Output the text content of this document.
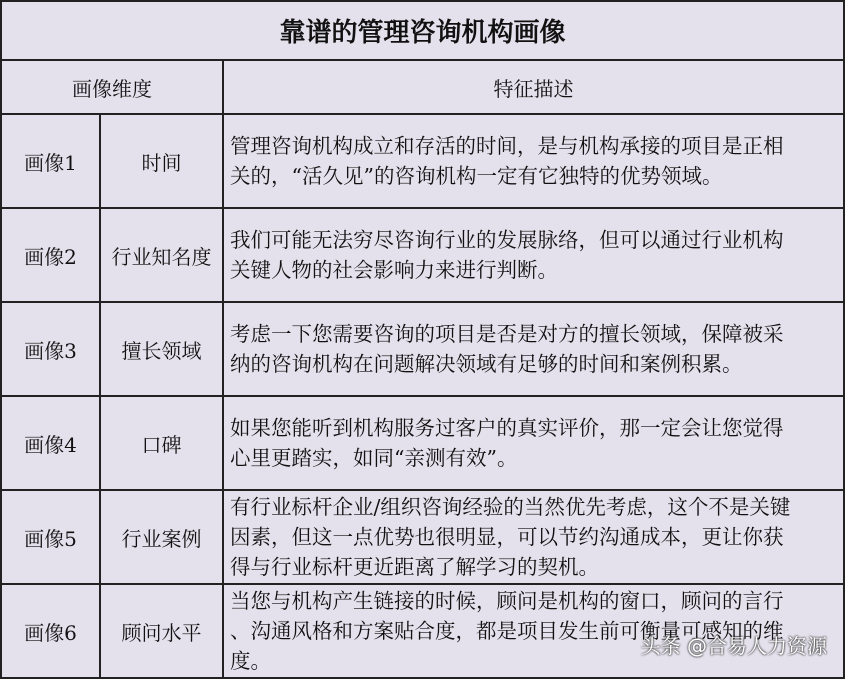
靠谱的管理咨询机构画像
画像维度	特征描述
画像1	时间
管理咨询机构成立和存活的时间，是与机构承接的项目是正相
关的，“活久见”的咨询机构一定有它独特的优势领域。
画像2	行业知名度
我们可能无法穷尽咨询行业的发展脉络，但可以通过行业机构
关键人物的社会影响力来进行判断。
画像3	擅长领域
考虑一下您需要咨询的项目是否是对方的擅长领域，保障被采
纳的咨询机构在问题解决领域有足够的时间和案例积累。
画像4	口碑
如果您能听到机构服务过客户的真实评价，那一定会让您觉得
心里更踏实，如同“亲测有效”。
画像5	行业案例
有行业标杆企业/组织咨询经验的当然优先考虑，这个不是关键
因素，但这一点优势也很明显，可以节约沟通成本，更让你获
得与行业标杆更近距离了解学习的契机。
画像6	顾问水平
当您与机构产生链接的时候，顾问是机构的窗口，顾问的言行
、沟通风格和方案贴合度，都是项目发生前可衡量可感知的维
度。
头条 @合易人力资源
